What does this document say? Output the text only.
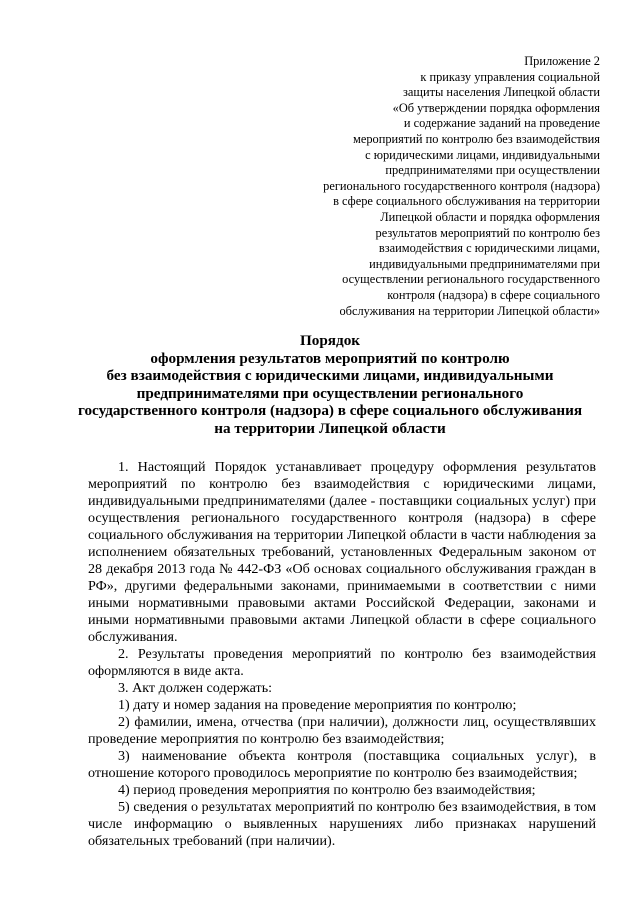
Приложение 2
к приказу управления социальной
защиты населения Липецкой области
«Об утверждении порядка оформления
и содержание заданий на проведение
мероприятий по контролю без взаимодействия
с юридическими лицами, индивидуальными
предпринимателями при осуществлении
регионального государственного контроля (надзора)
в сфере социального обслуживания на территории
Липецкой области и порядка оформления
результатов мероприятий по контролю без
взаимодействия с юридическими лицами,
индивидуальными предпринимателями при
осуществлении регионального государственного
контроля (надзора) в сфере социального
обслуживания на территории Липецкой области»
Порядок
оформления результатов мероприятий по контролю
без взаимодействия с юридическими лицами, индивидуальными
предпринимателями при осуществлении регионального
государственного контроля (надзора) в сфере социального обслуживания
на территории Липецкой области

1. Настоящий Порядок устанавливает процедуру оформления результатов мероприятий по контролю без взаимодействия с юридическими лицами, индивидуальными предпринимателями (далее - поставщики социальных услуг) при осуществления регионального государственного контроля (надзора) в сфере социального обслуживания на территории Липецкой области в части наблюдения за исполнением обязательных требований, установленных Федеральным законом от 28 декабря 2013 года № 442-ФЗ «Об основах социального обслуживания граждан в РФ», другими федеральными законами, принимаемыми в соответствии с ними иными нормативными правовыми актами Российской Федерации, законами и иными нормативными правовыми актами Липецкой области в сфере социального обслуживания.

2. Результаты проведения мероприятий по контролю без взаимодействия оформляются в виде акта.

3. Акт должен содержать:

1) дату и номер задания на проведение мероприятия по контролю;

2) фамилии, имена, отчества (при наличии), должности лиц, осуществлявших проведение мероприятия по контролю без взаимодействия;

3) наименование объекта контроля (поставщика социальных услуг), в отношение которого проводилось мероприятие по контролю без взаимодействия;

4) период проведения мероприятия по контролю без взаимодействия;

5) сведения о результатах мероприятий по контролю без взаимодействия, в том числе информацию о выявленных нарушениях либо признаках нарушений обязательных требований (при наличии).
